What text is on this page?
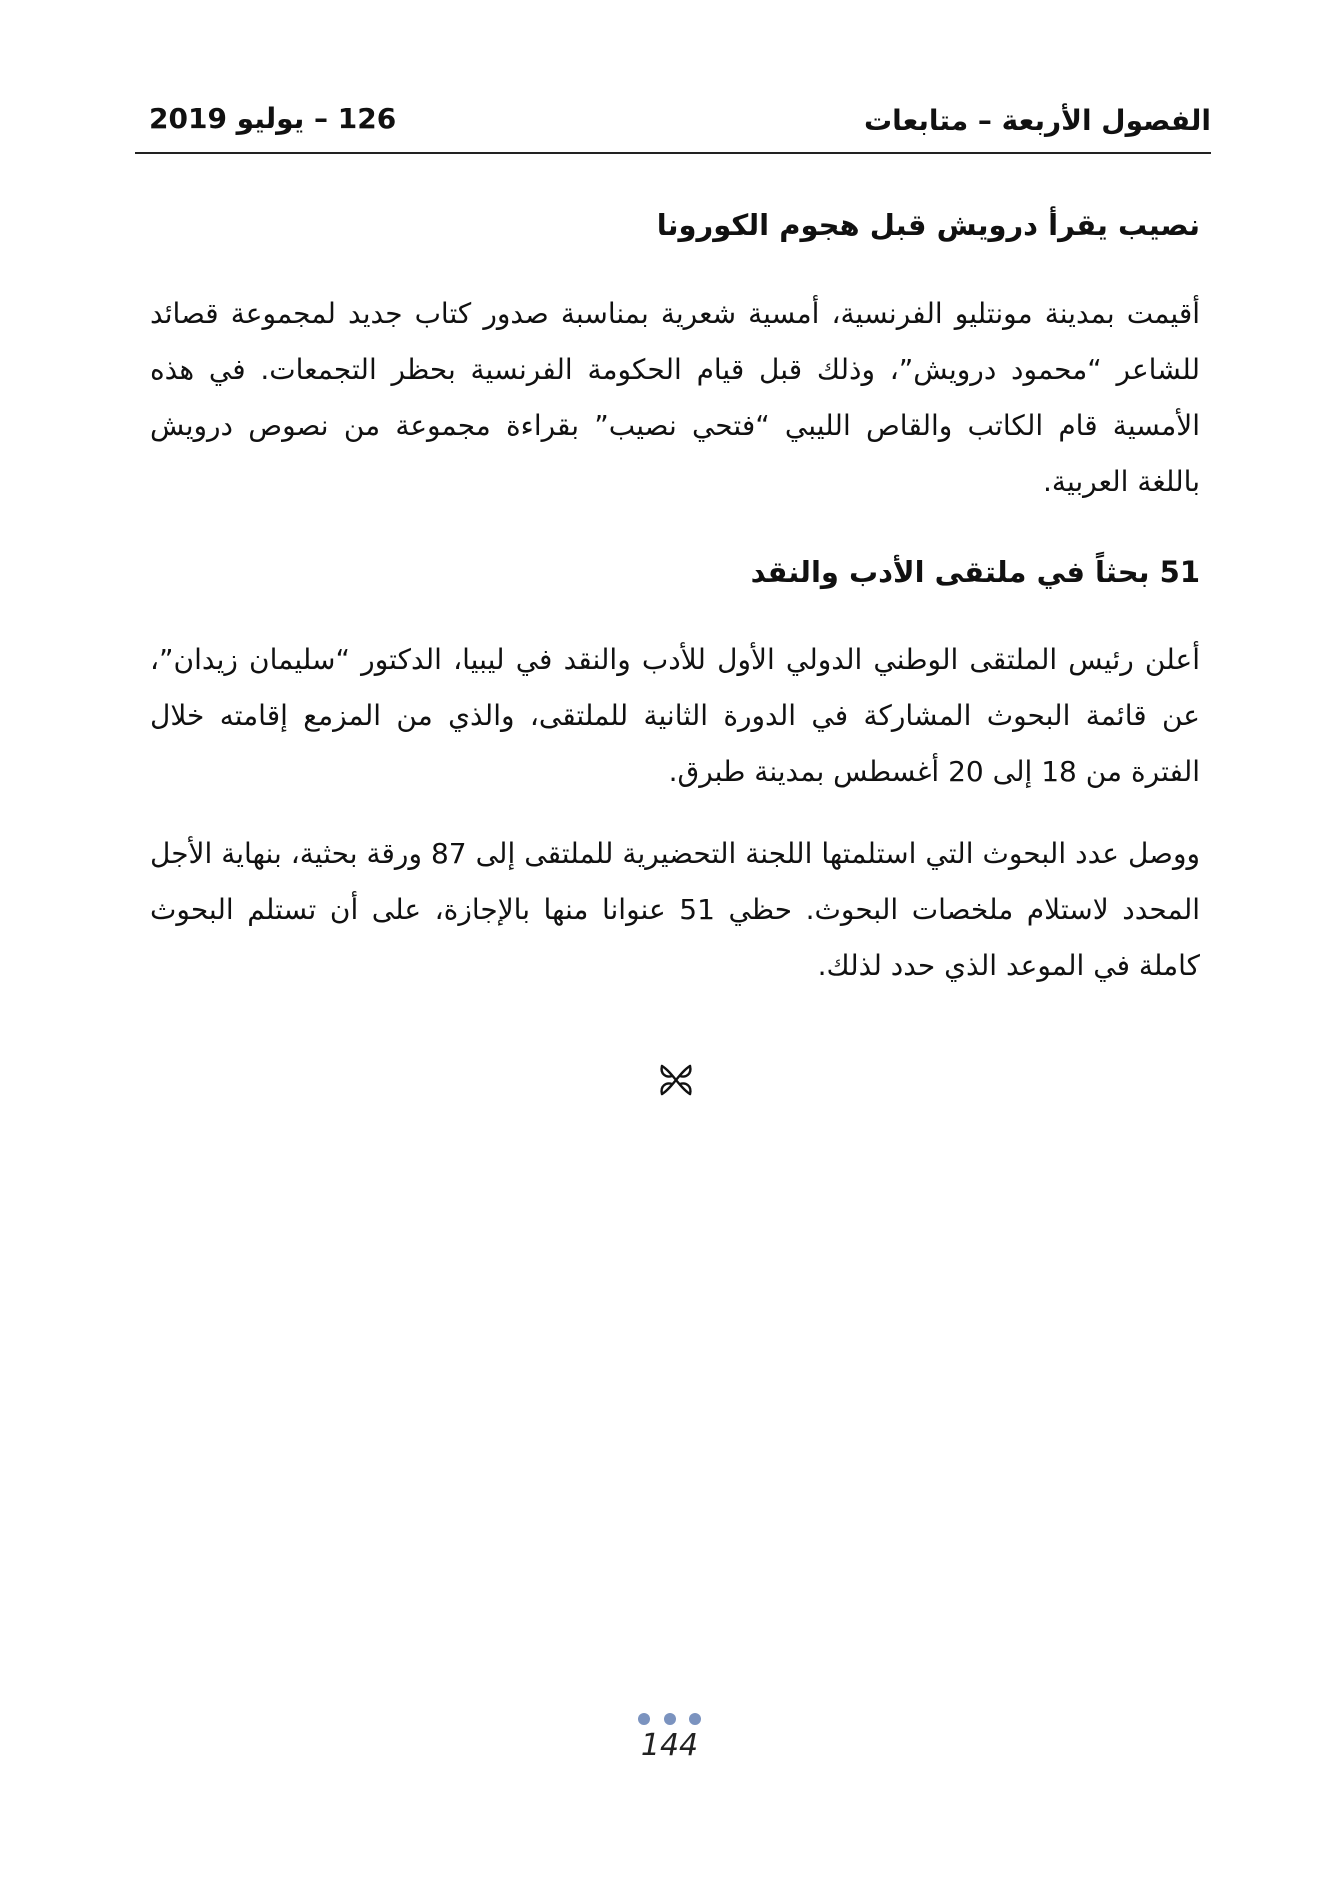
الفصول الأربعة – متابعات
126 – يوليو 2019
نصيب يقرأ درويش قبل هجوم الكورونا

أقيمت بمدينة مونتليو الفرنسية، أمسية شعرية بمناسبة صدور كتاب جديد لمجموعة قصائد للشاعر “محمود درويش”، وذلك قبل قيام الحكومة الفرنسية بحظر التجمعات. في هذه الأمسية قام الكاتب والقاص الليبي “فتحي نصيب” بقراءة مجموعة من نصوص درويش باللغة العربية.

51 بحثاً في ملتقى الأدب والنقد

أعلن رئيس الملتقى الوطني الدولي الأول للأدب والنقد في ليبيا، الدكتور “سليمان زيدان”، عن قائمة البحوث المشاركة في الدورة الثانية للملتقى، والذي من المزمع إقامته خلال الفترة من 18 إلى 20 أغسطس بمدينة طبرق.

ووصل عدد البحوث التي استلمتها اللجنة التحضيرية للملتقى إلى 87 ورقة بحثية، بنهاية الأجل المحدد لاستلام ملخصات البحوث. حظي 51 عنوانا منها بالإجازة، على أن تستلم البحوث كاملة في الموعد الذي حدد لذلك.

144
